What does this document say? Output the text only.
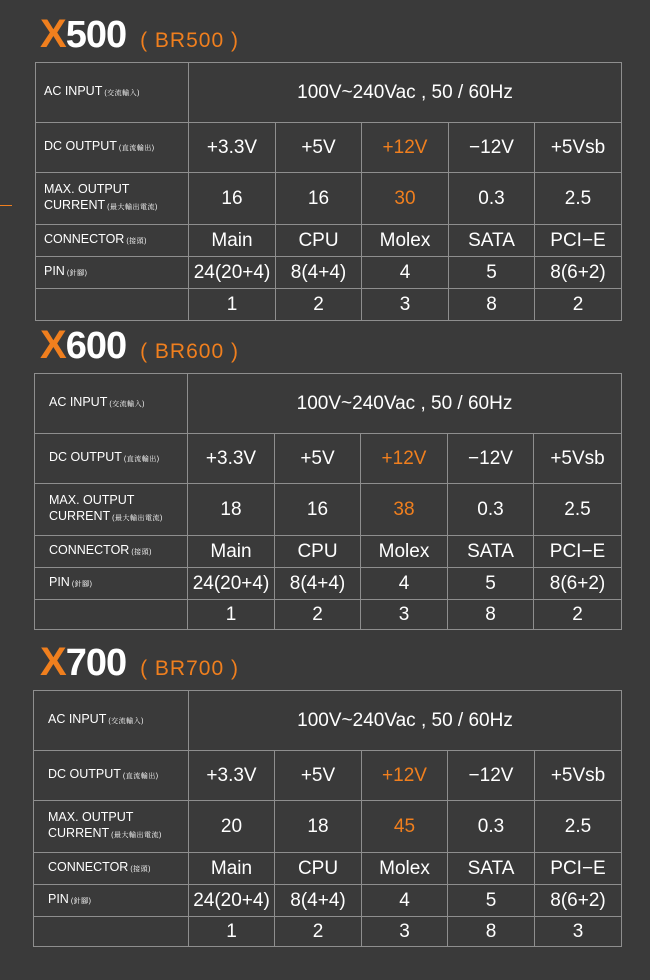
X 500 ( BR500 )
AC INPUT (交流輸入)	100V~240Vac , 50 / 60Hz				
DC OUTPUT (直流輸出)	+3.3V	+5V	+12V	−12V	+5Vsb
MAX. OUTPUT
CURRENT (最大輸出電流)	16	16	30	0.3	2.5
CONNECTOR (接頭)	Main	CPU	Molex	SATA	PCI−E
PIN (針腳)	24(20+4)	8(4+4)	4	5	8(6+2)
	1	2	3	8	2
X 600 ( BR600 )
AC INPUT (交流輸入)	100V~240Vac , 50 / 60Hz				
DC OUTPUT (直流輸出)	+3.3V	+5V	+12V	−12V	+5Vsb
MAX. OUTPUT
CURRENT (最大輸出電流)	18	16	38	0.3	2.5
CONNECTOR (接頭)	Main	CPU	Molex	SATA	PCI−E
PIN (針腳)	24(20+4)	8(4+4)	4	5	8(6+2)
	1	2	3	8	2
X 700 ( BR700 )
AC INPUT (交流輸入)	100V~240Vac , 50 / 60Hz				
DC OUTPUT (直流輸出)	+3.3V	+5V	+12V	−12V	+5Vsb
MAX. OUTPUT
CURRENT (最大輸出電流)	20	18	45	0.3	2.5
CONNECTOR (接頭)	Main	CPU	Molex	SATA	PCI−E
PIN (針腳)	24(20+4)	8(4+4)	4	5	8(6+2)
	1	2	3	8	3
